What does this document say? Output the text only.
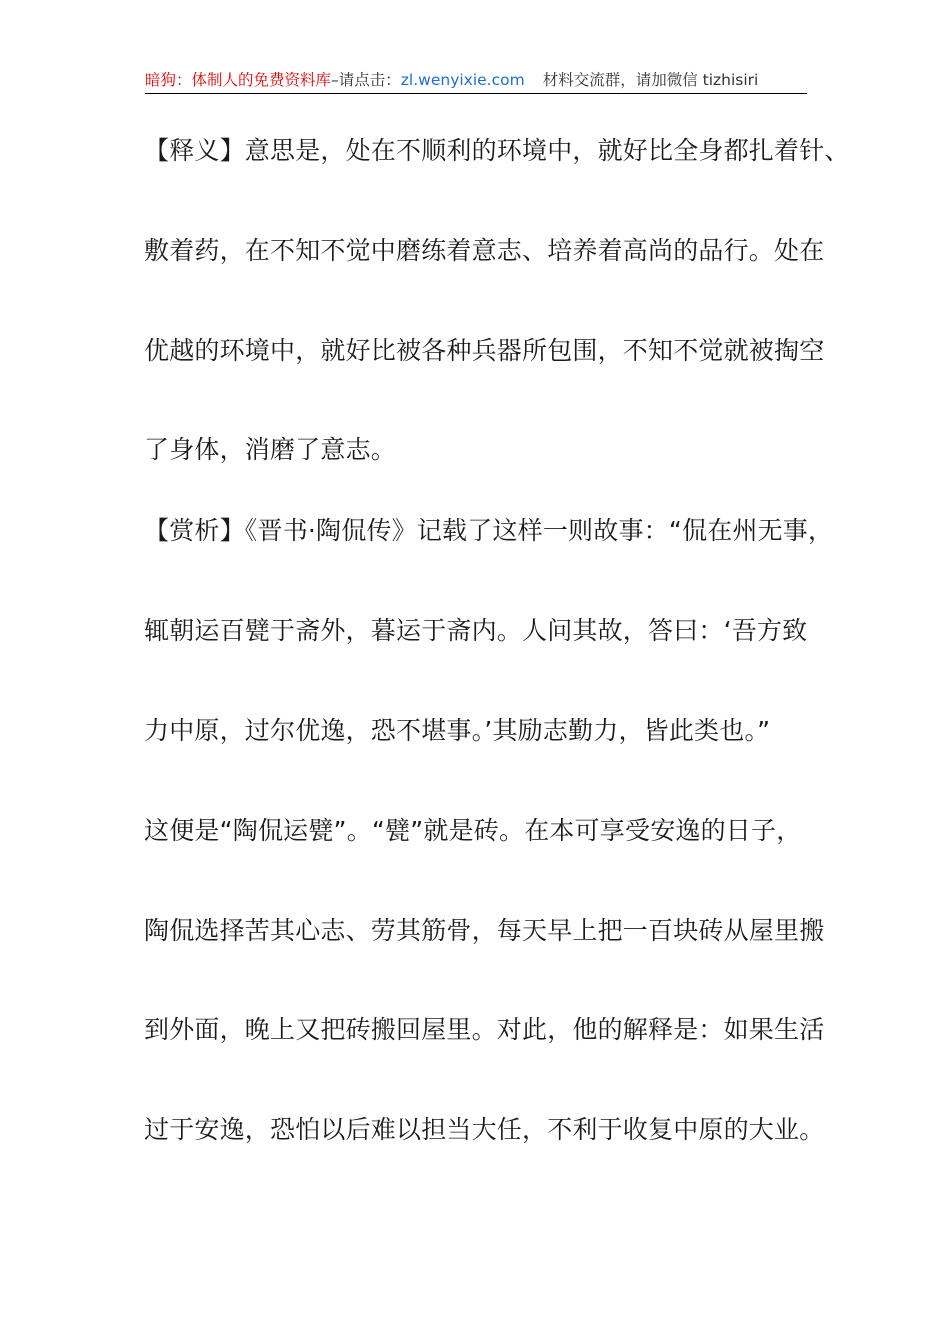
暗狗：体制人的免费资料库–请点击：zl.wenyixie.com 材料交流群，请加微信 tizhisiri
【释义】意思是，处在不顺利的环境中，就好比全身都扎着针、
敷着药，在不知不觉中磨练着意志、培养着高尚的品行。处在
优越的环境中，就好比被各种兵器所包围，不知不觉就被掏空
了身体，消磨了意志。
【赏析】《晋书·陶侃传》记载了这样一则故事：“侃在州无事，
辄朝运百甓于斋外，暮运于斋内。人问其故，答曰：‘吾方致
力中原，过尔优逸，恐不堪事。’其励志勤力，皆此类也。”
这便是“陶侃运甓”。“甓”就是砖。在本可享受安逸的日子，
陶侃选择苦其心志、劳其筋骨，每天早上把一百块砖从屋里搬
到外面，晚上又把砖搬回屋里。对此，他的解释是：如果生活
过于安逸，恐怕以后难以担当大任，不利于收复中原的大业。
